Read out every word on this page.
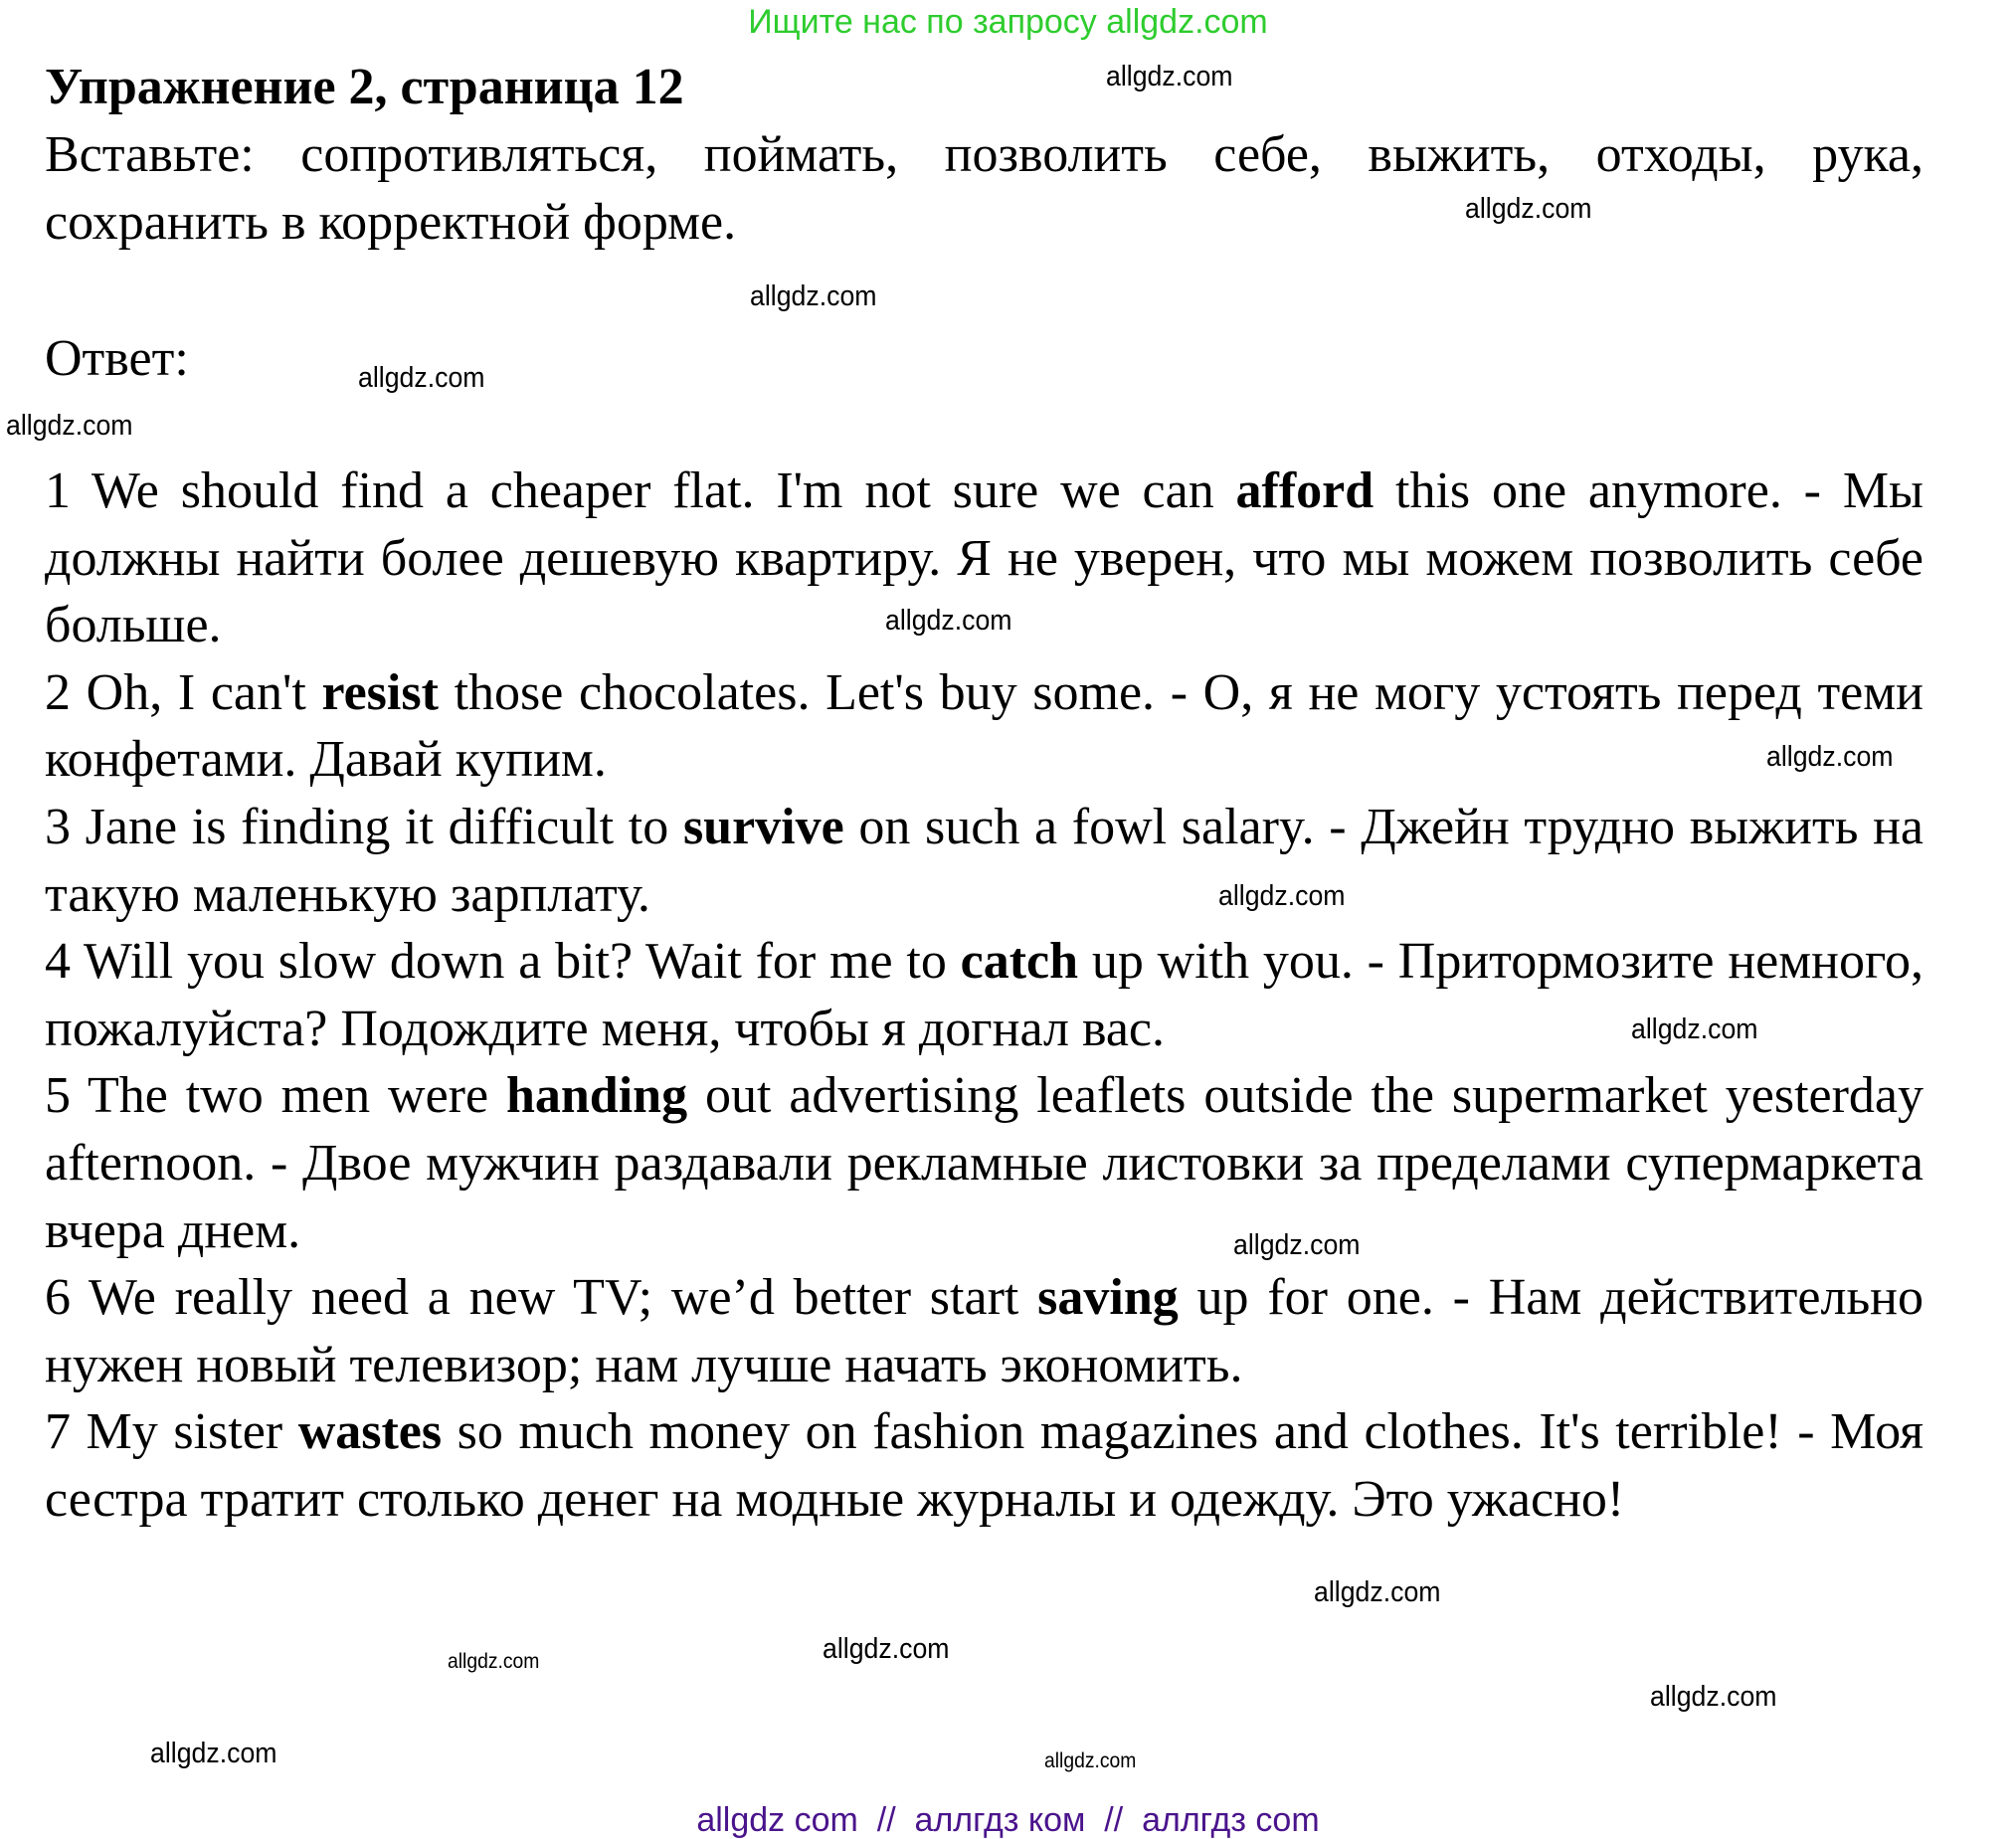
Ищите нас по запросу allgdz.com
Упражнение 2, страница 12
Вставьте: сопротивляться, поймать, позволить себе, выжить, отходы, рука, сохранить в корректной форме.
Ответ:

1 We should find a cheaper flat. I'm not sure we can afford this one anymore. - Мы должны найти более дешевую квартиру. Я не уверен, что мы можем позволить себе больше.

2 Oh, I can't resist those chocolates. Let's buy some. - О, я не могу устоять перед теми конфетами. Давай купим.

3 Jane is finding it difficult to survive on such a fowl salary. - Джейн трудно выжить на такую маленькую зарплату.

4 Will you slow down a bit? Wait for me to catch up with you. - Притормозите немного, пожалуйста? Подождите меня, чтобы я догнал вас.

5 The two men were handing out advertising leaflets outside the supermarket yesterday afternoon. - Двое мужчин раздавали рекламные листовки за пределами супермаркета вчера днем.

6 We really need a new TV; we’d better start saving up for one. - Нам действительно нужен новый телевизор; нам лучше начать экономить.

7 My sister wastes so much money on fashion magazines and clothes. It's terrible! - Моя сестра тратит столько денег на модные журналы и одежду. Это ужасно!

allgdz.com
allgdz.com
allgdz.com
allgdz.com
allgdz.com
allgdz.com
allgdz.com
allgdz.com
allgdz.com
allgdz.com
allgdz.com
allgdz.com
allgdz.com
allgdz.com
allgdz.com
allgdz.com
allgdz com  //  аллгдз ком  //  аллгдз com
